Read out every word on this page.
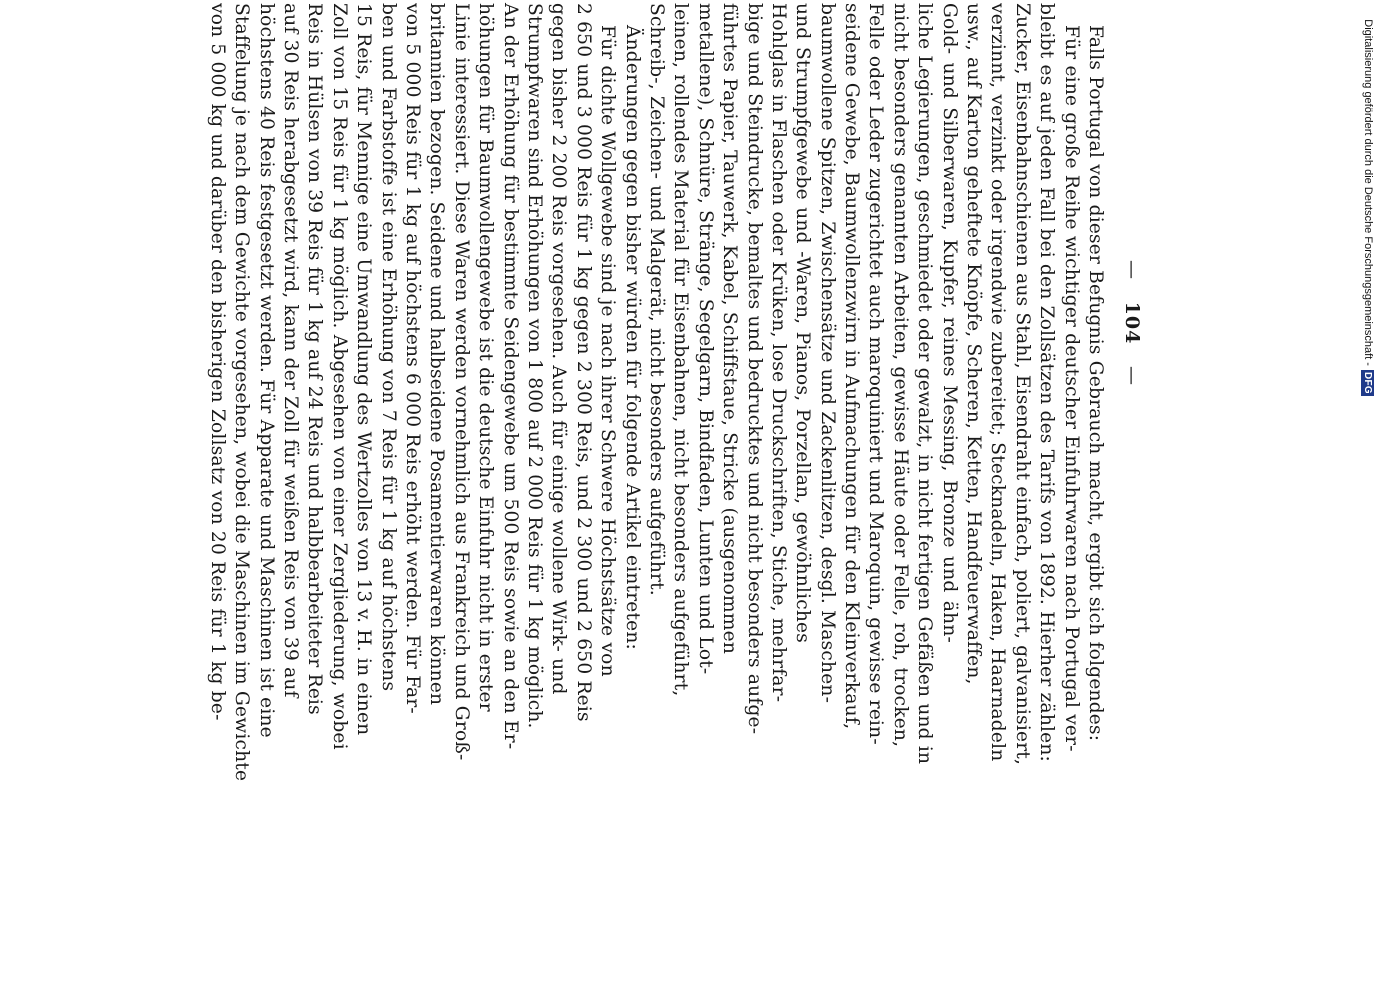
— 104 —
Falls Portugal von dieser Befugnis Gebrauch macht, ergibt sich folgendes:
Für eine große Reihe wichtiger deutscher Einfuhrwaren nach Portugal ver-
bleibt es auf jeden Fall bei den Zollsätzen des Tarifs von 1892. Hierher zählen:
Zucker, Eisenbahnschienen aus Stahl, Eisendraht einfach, poliert, galvanisiert,
verzinnt, verzinkt oder irgendwie zubereitet; Stecknadeln, Haken, Haarnadeln
usw., auf Karton geheftete Knöpfe, Scheren, Ketten, Handfeuerwaffen,
Gold- und Silberwaren, Kupfer, reines Messing, Bronze und ähn-
liche Legierungen, geschmiedet oder gewalzt, in nicht fertigen Gefäßen und in
nicht besonders genannten Arbeiten, gewisse Häute oder Felle, roh, trocken,
Felle oder Leder zugerichtet auch maroquiniert und Maroquin, gewisse rein-
seidene Gewebe, Baumwollenzwirn in Aufmachungen für den Kleinverkauf,
baumwollene Spitzen, Zwischensätze und Zackenlitzen, desgl. Maschen-
und Strumpfgewebe und -Waren, Pianos, Porzellan, gewöhnliches
Hohlglas in Flaschen oder Krüken, lose Druckschriften, Stiche, mehrfar-
bige und Steindrucke, bemaltes und bedrucktes und nicht besonders aufge-
führtes Papier, Tauwerk, Kabel, Schiffstaue, Stricke (ausgenommen
metallene), Schnüre, Stränge, Segelgarn, Bindfaden, Lunten und Lot-
leinen, rollendes Material für Eisenbahnen, nicht besonders aufgeführt,
Schreib-, Zeichen- und Malgerät, nicht besonders aufgeführt.
Änderungen gegen bisher würden für folgende Artikel eintreten:
Für dichte Wollgewebe sind je nach ihrer Schwere Höchstsätze von
2 650 und 3 000 Reis für 1 kg gegen 2 300 Reis, und 2 300 und 2 650 Reis
gegen bisher 2 200 Reis vorgesehen. Auch für einige wollene Wirk- und
Strumpfwaren sind Erhöhungen von 1 800 auf 2 000 Reis für 1 kg möglich.
An der Erhöhung für bestimmte Seidengewebe um 500 Reis sowie an den Er-
höhungen für Baumwollengewebe ist die deutsche Einfuhr nicht in erster
Linie interessiert. Diese Waren werden vornehmlich aus Frankreich und Groß-
britannien bezogen. Seidene und halbseidene Posamentierwaren können
von 5 000 Reis für 1 kg auf höchstens 6 000 Reis erhöht werden. Für Far-
ben und Farbstoffe ist eine Erhöhung von 7 Reis für 1 kg auf höchstens
15 Reis, für Mennige eine Umwandlung des Wertzolles von 13 v. H. in einen
Zoll von 15 Reis für 1 kg möglich. Abgesehen von einer Zergliederung, wobei
Reis in Hülsen von 39 Reis für 1 kg auf 24 Reis und halbbearbeiteter Reis
auf 30 Reis herabgesetzt wird, kann der Zoll für weißen Reis von 39 auf
höchstens 40 Reis festgesetzt werden. Für Apparate und Maschinen ist eine
Staffelung je nach dem Gewichte vorgesehen, wobei die Maschinen im Gewichte
von 5 000 kg und darüber den bisherigen Zollsatz von 20 Reis für 1 kg be-	Digitalisierung gefördert durch die Deutsche Forschungsgemeinschaft -
DFG
